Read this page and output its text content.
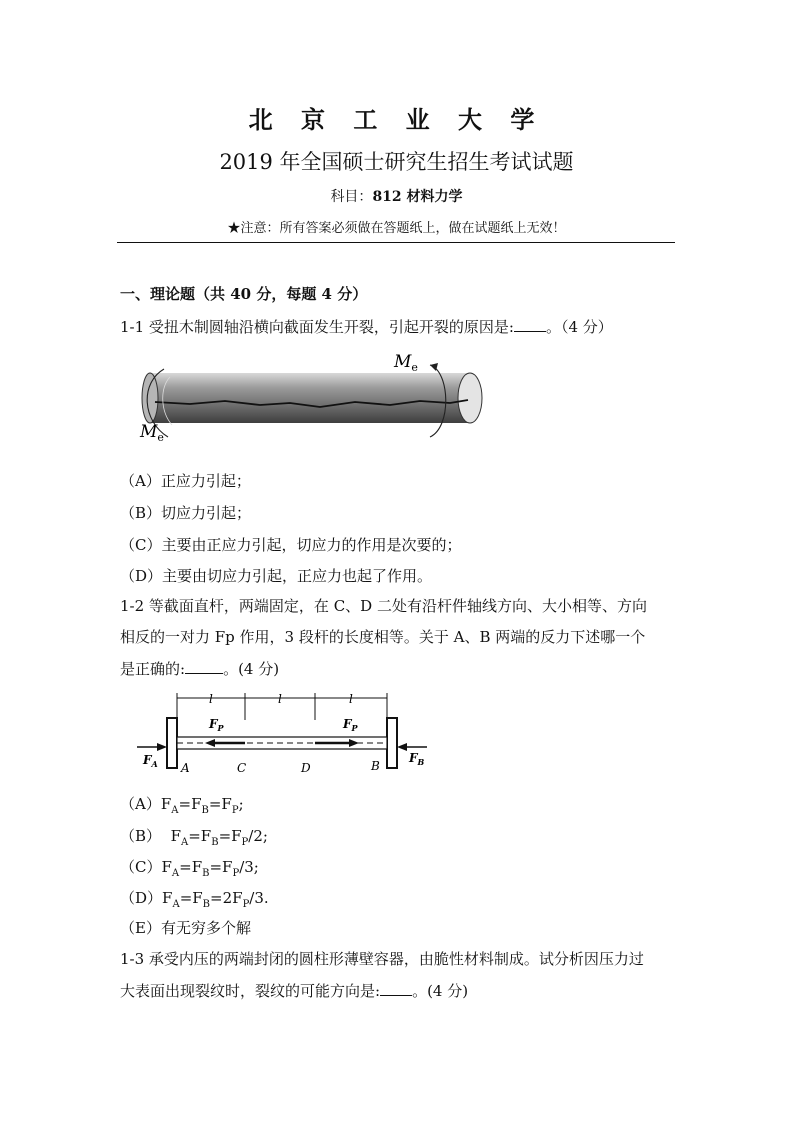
北 京 工 业 大 学
2019 年全国硕士研究生招生考试试题
科目：812 材料力学
★注意：所有答案必须做在答题纸上，做在试题纸上无效！
一、理论题（共 40 分，每题 4 分）
1-1 受扭木制圆轴沿横向截面发生开裂，引起开裂的原因是: 。（4 分）
$M_e$
$M_e$
（A）正应力引起；
（B）切应力引起；
（C）主要由正应力引起，切应力的作用是次要的；
（D）主要由切应力引起，正应力也起了作用。
1-2 等截面直杆，两端固定，在 C、D 二处有沿杆件轴线方向、大小相等、方向
相反的一对力 Fp 作用，3 段杆的长度相等。关于 A、B 两端的反力下述哪一个
是正确的:	。(4 分)
l	l	l
$F_P$	$F_P$
$F_A$	$F_B$
A	C	D	B
$(A)F_A=F_B=F_P$;
（B）  $F_A=F_B=F_P/2$;
$(C)F_A=F_B=F_P/3$;
$(D)F_A=F_B=2F_P/3$.
（E）有无穷多个解
1-3 承受内压的两端封闭的圆柱形薄壁容器，由脆性材料制成。试分析因压力过
大表面出现裂纹时，裂纹的可能方向是: 。(4 分)
